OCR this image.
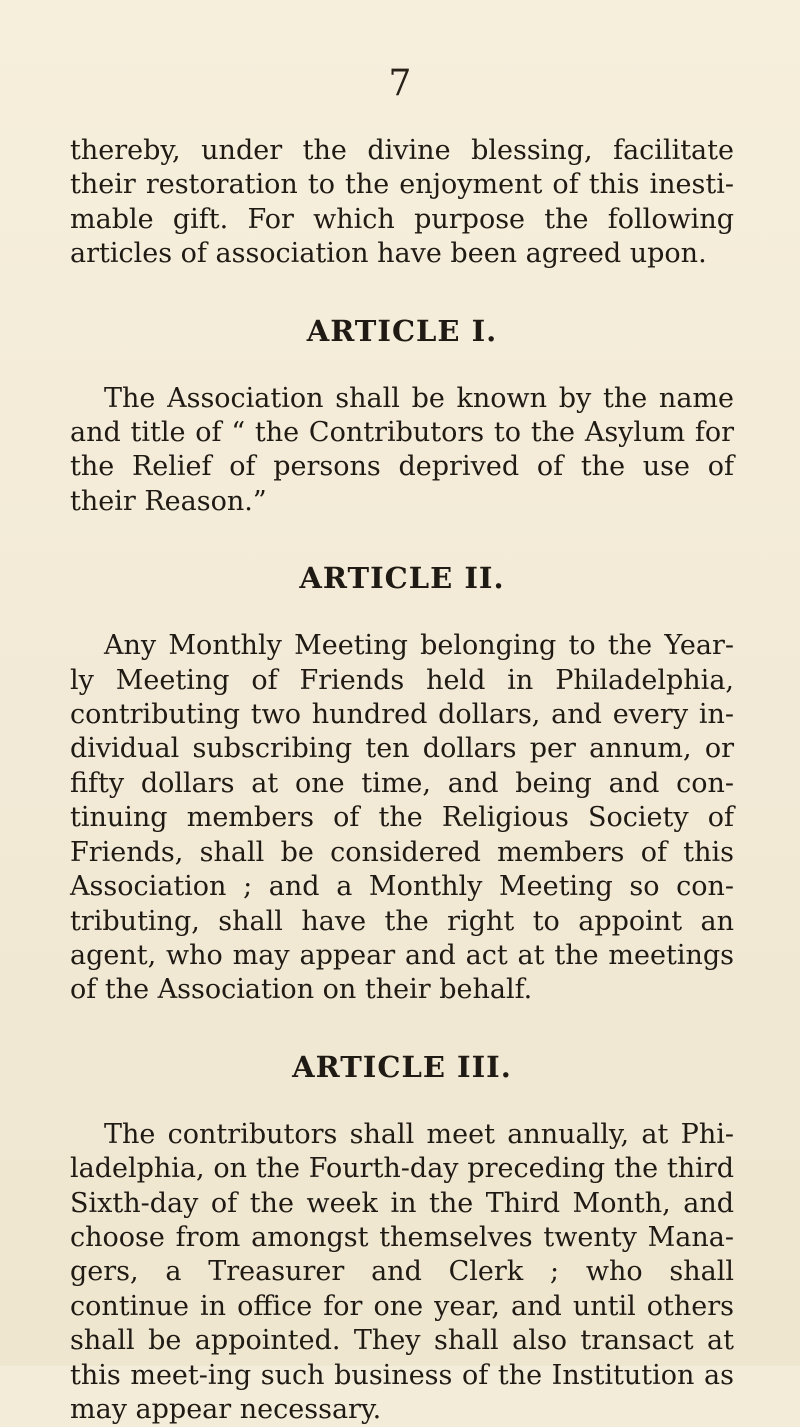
7

thereby, under the divine blessing, facilitate their restoration to the enjoyment of this inesti-mable gift. For which purpose the following articles of association have been agreed upon.

ARTICLE I.

The Association shall be known by the name and title of “ the Contributors to the Asylum for the Relief of persons deprived of the use of their Reason.”

ARTICLE II.

Any Monthly Meeting belonging to the Year-ly Meeting of Friends held in Philadelphia, contributing two hundred dollars, and every in-dividual subscribing ten dollars per annum, or fifty dollars at one time, and being and con-tinuing members of the Religious Society of Friends, shall be considered members of this Association ; and a Monthly Meeting so con-tributing, shall have the right to appoint an agent, who may appear and act at the meetings of the Association on their behalf.

ARTICLE III.

The contributors shall meet annually, at Phi-ladelphia, on the Fourth-day preceding the third Sixth-day of the week in the Third Month, and choose from amongst themselves twenty Mana-gers, a Treasurer and Clerk ; who shall continue in office for one year, and until others shall be appointed. They shall also transact at this meet-ing such business of the Institution as may appear necessary.
